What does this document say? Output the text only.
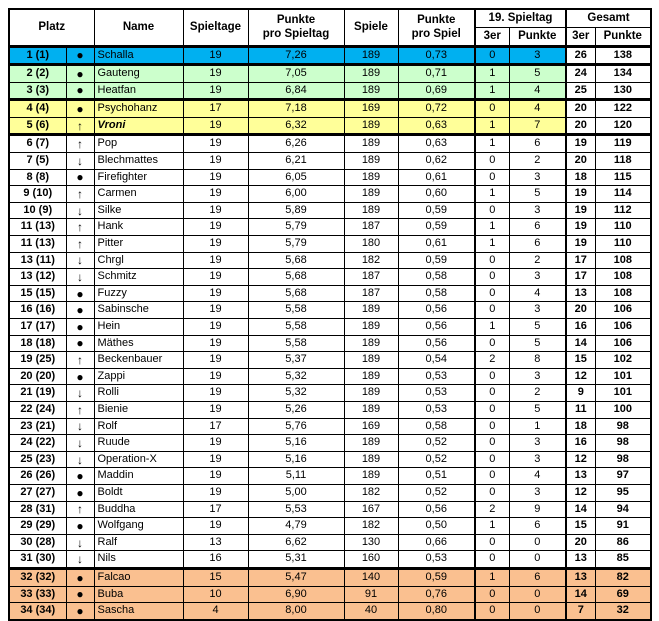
Platz		Name	Spieltage	Punkte
pro Spieltag	Spiele	Punkte
pro Spiel	19. Spieltag		Gesamt	
							3er	Punkte	3er	Punkte
1 (1)	●	Schalla	19	7,26	189	0,73	0	3	26	138
2 (2)	●	Gauteng	19	7,05	189	0,71	1	5	24	134
3 (3)	●	Heatfan	19	6,84	189	0,69	1	4	25	130
4 (4)	●	Psychohanz	17	7,18	169	0,72	0	4	20	122
5 (6)	↑	Vroni	19	6,32	189	0,63	1	7	20	120
6 (7)	↑	Pop	19	6,26	189	0,63	1	6	19	119
7 (5)	↓	Blechmattes	19	6,21	189	0,62	0	2	20	118
8 (8)	●	Firefighter	19	6,05	189	0,61	0	3	18	115
9 (10)	↑	Carmen	19	6,00	189	0,60	1	5	19	114
10 (9)	↓	Silke	19	5,89	189	0,59	0	3	19	112
11 (13)	↑	Hank	19	5,79	187	0,59	1	6	19	110
11 (13)	↑	Pitter	19	5,79	180	0,61	1	6	19	110
13 (11)	↓	Chrgl	19	5,68	182	0,59	0	2	17	108
13 (12)	↓	Schmitz	19	5,68	187	0,58	0	3	17	108
15 (15)	●	Fuzzy	19	5,68	187	0,58	0	4	13	108
16 (16)	●	Sabinsche	19	5,58	189	0,56	0	3	20	106
17 (17)	●	Hein	19	5,58	189	0,56	1	5	16	106
18 (18)	●	Mäthes	19	5,58	189	0,56	0	5	14	106
19 (25)	↑	Beckenbauer	19	5,37	189	0,54	2	8	15	102
20 (20)	●	Zappi	19	5,32	189	0,53	0	3	12	101
21 (19)	↓	Rolli	19	5,32	189	0,53	0	2	9	101
22 (24)	↑	Bienie	19	5,26	189	0,53	0	5	11	100
23 (21)	↓	Rolf	17	5,76	169	0,58	0	1	18	98
24 (22)	↓	Ruude	19	5,16	189	0,52	0	3	16	98
25 (23)	↓	Operation-X	19	5,16	189	0,52	0	3	12	98
26 (26)	●	Maddin	19	5,11	189	0,51	0	4	13	97
27 (27)	●	Boldt	19	5,00	182	0,52	0	3	12	95
28 (31)	↑	Buddha	17	5,53	167	0,56	2	9	14	94
29 (29)	●	Wolfgang	19	4,79	182	0,50	1	6	15	91
30 (28)	↓	Ralf	13	6,62	130	0,66	0	0	20	86
31 (30)	↓	Nils	16	5,31	160	0,53	0	0	13	85
32 (32)	●	Falcao	15	5,47	140	0,59	1	6	13	82
33 (33)	●	Buba	10	6,90	91	0,76	0	0	14	69
34 (34)	●	Sascha	4	8,00	40	0,80	0	0	7	32
